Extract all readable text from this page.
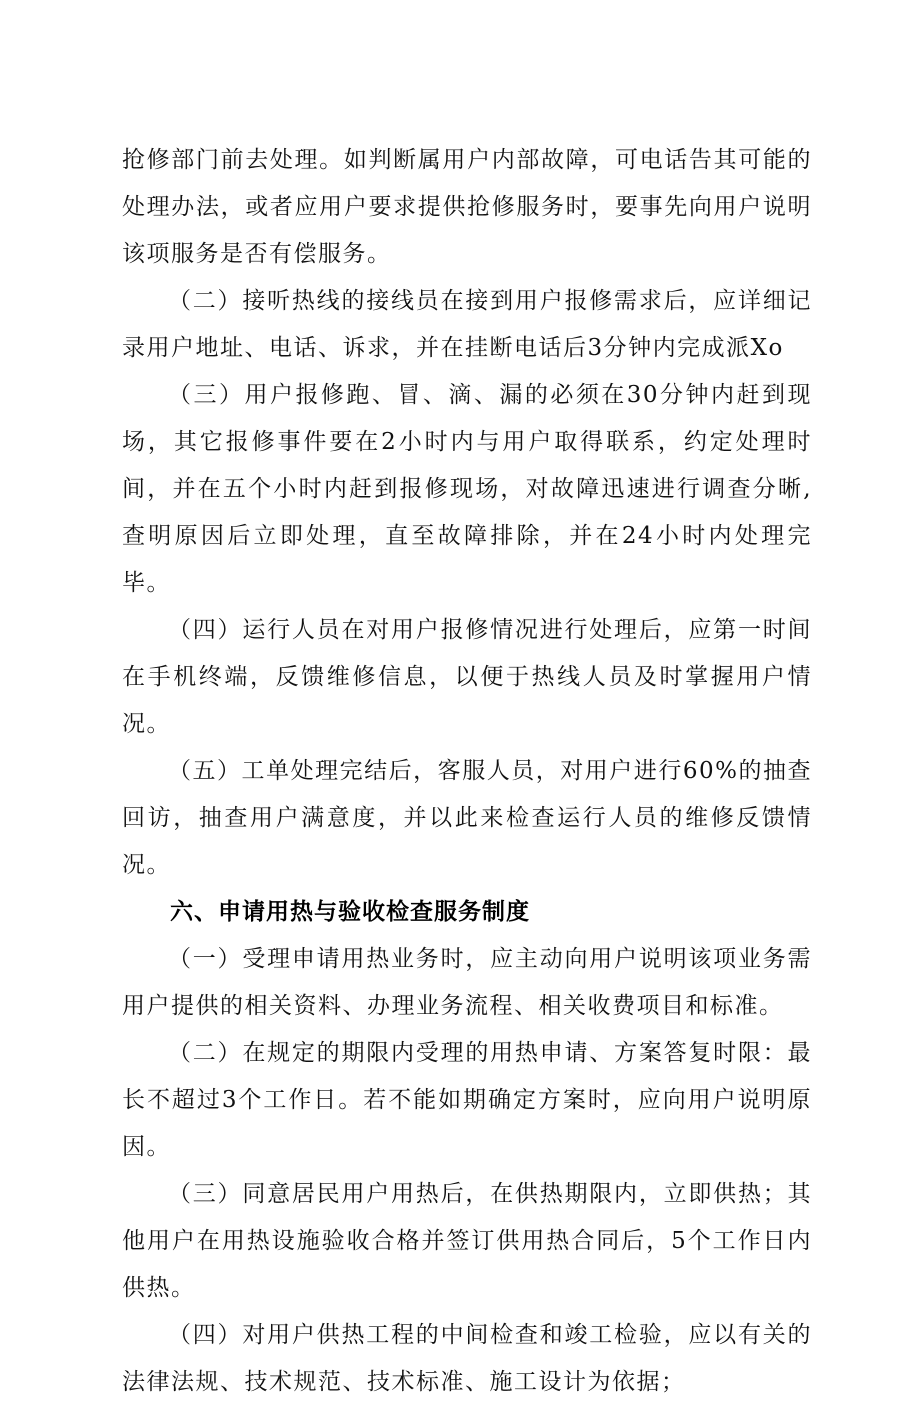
抢修部门前去处理。如判断属用户内部故障，可电话告其可能的处理办法，或者应用户要求提供抢修服务时，要事先向用户说明该项服务是否有偿服务。

（二）接听热线的接线员在接到用户报修需求后，应详细记录用户地址、电话、诉求，并在挂断电话后3分钟内完成派Xo

（三）用户报修跑、冒、滴、漏的必须在30分钟内赶到现场，其它报修事件要在2小时内与用户取得联系，约定处理时间，并在五个小时内赶到报修现场，对故障迅速进行调查分晰,查明原因后立即处理，直至故障排除，并在24小时内处理完毕。

（四）运行人员在对用户报修情况进行处理后，应第一时间在手机终端，反馈维修信息，以便于热线人员及时掌握用户情况。

（五）工单处理完结后，客服人员，对用户进行60%的抽查回访，抽查用户满意度，并以此来检查运行人员的维修反馈情况。

六、申请用热与验收检查服务制度

（一）受理申请用热业务时，应主动向用户说明该项业务需用户提供的相关资料、办理业务流程、相关收费项目和标准。

（二）在规定的期限内受理的用热申请、方案答复时限：最长不超过3个工作日。若不能如期确定方案时，应向用户说明原因。

（三）同意居民用户用热后，在供热期限内，立即供热；其他用户在用热设施验收合格并签订供用热合同后，5个工作日内供热。

（四）对用户供热工程的中间检查和竣工检验，应以有关的法律法规、技术规范、技术标准、施工设计为依据；
